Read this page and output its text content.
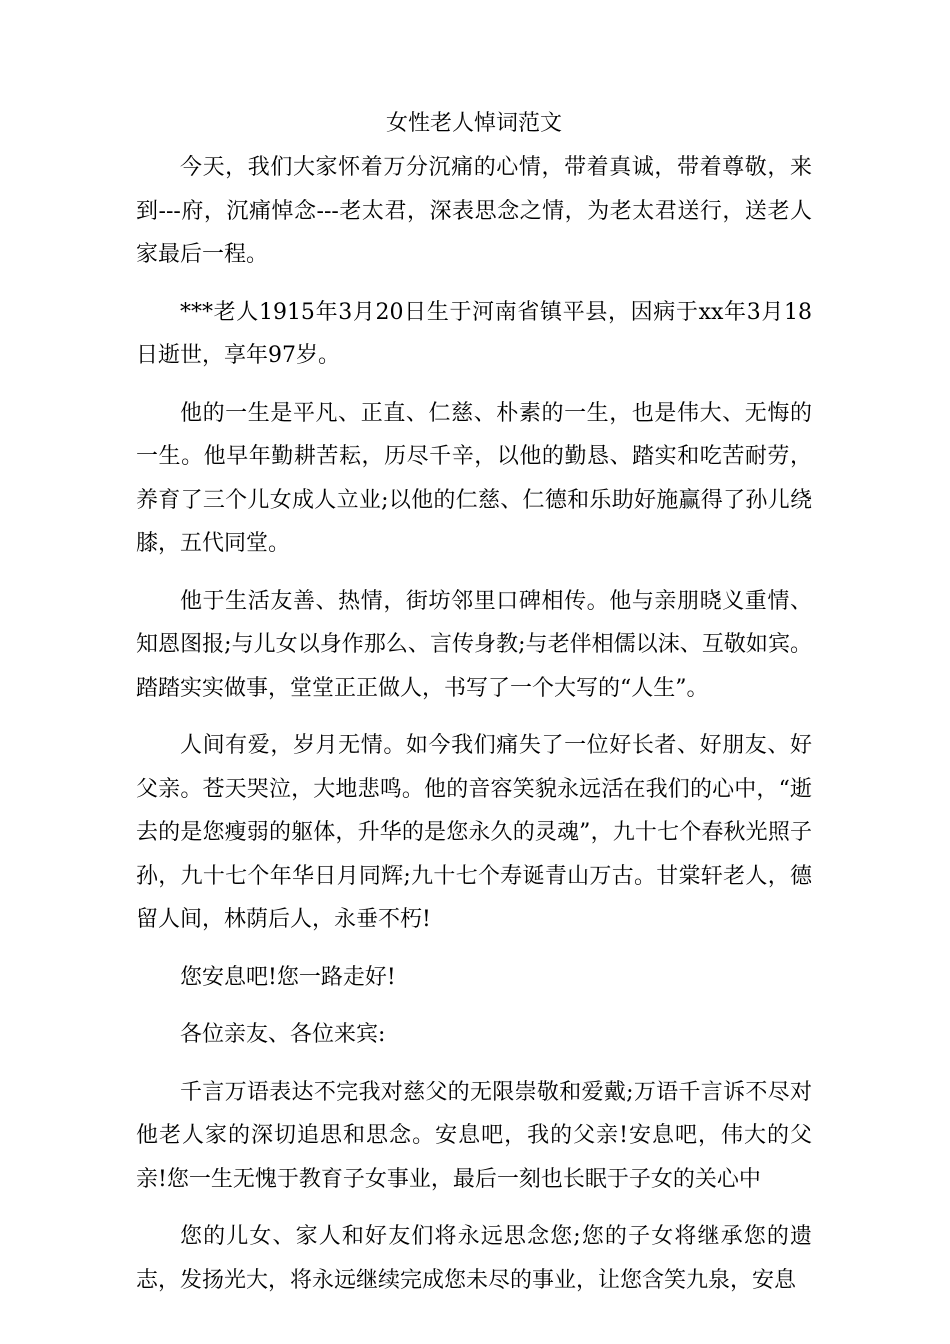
女性老人悼词范文

今天，我们大家怀着万分沉痛的心情，带着真诚，带着尊敬，来到---府，沉痛悼念---老太君，深表思念之情，为老太君送行，送老人家最后一程。

***老人1915年3月20日生于河南省镇平县，因病于xx年3月18日逝世，享年97岁。

他的一生是平凡、正直、仁慈、朴素的一生，也是伟大、无悔的一生。他早年勤耕苦耘，历尽千辛，以他的勤恳、踏实和吃苦耐劳，养育了三个儿女成人立业;以他的仁慈、仁德和乐助好施赢得了孙儿绕膝，五代同堂。

他于生活友善、热情，街坊邻里口碑相传。他与亲朋晓义重情、知恩图报;与儿女以身作那么、言传身教;与老伴相儒以沫、互敬如宾。踏踏实实做事，堂堂正正做人，书写了一个大写的“人生”。

人间有爱，岁月无情。如今我们痛失了一位好长者、好朋友、好父亲。苍天哭泣，大地悲鸣。他的音容笑貌永远活在我们的心中，“逝去的是您瘦弱的躯体，升华的是您永久的灵魂”，九十七个春秋光照子孙，九十七个年华日月同辉;九十七个寿诞青山万古。甘棠轩老人，德留人间，林荫后人，永垂不朽!

您安息吧!您一路走好!

各位亲友、各位来宾:

千言万语表达不完我对慈父的无限崇敬和爱戴;万语千言诉不尽对他老人家的深切追思和思念。安息吧，我的父亲!安息吧，伟大的父亲!您一生无愧于教育子女事业，最后一刻也长眠于子女的关心中

您的儿女、家人和好友们将永远思念您;您的子女将继承您的遗志，发扬光大，将永远继续完成您未尽的事业，让您含笑九泉，安息
